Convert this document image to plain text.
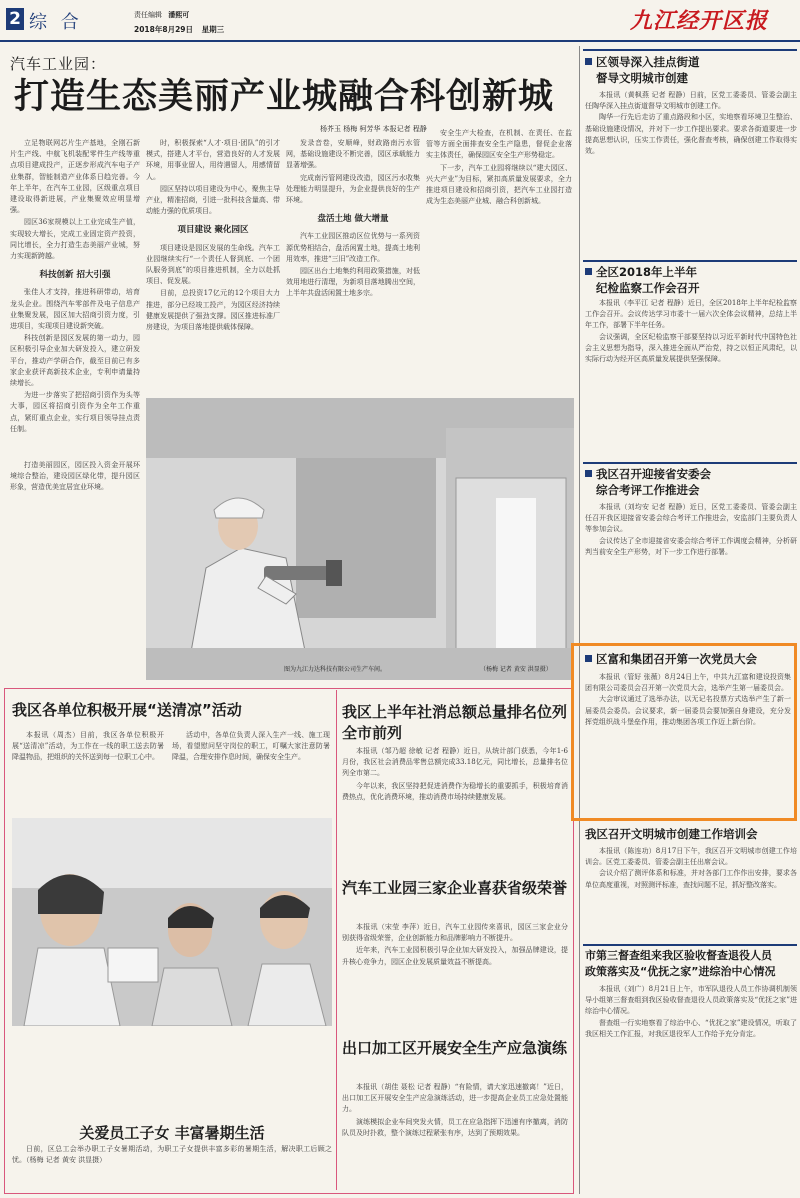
2 综 合	责任编辑 潘熙可
2018年8月29日 星期三	九江经开区报
汽车工业园：
打造生态美丽产业城融合科创新城
杨芥玉 杨梅 柯芳华 本报记者 程静

立足物联网芯片生产基地，全刚石新片生产线、中航飞机装配零件生产线等重点项目建成投产，正逐步形成汽车电子产业集群，智能制造产业体系日趋完善。今年上半年，在汽车工业园，区级重点项目建设取得新进展，产业集聚效应明显增强。

园区36家规模以上工业完成生产值，实现较大增长，完成工业固定资产投资，同比增长，全力打造生态美丽产业城，努力实现新跨越。

科技创新 招大引强

张佳人才支持，推进科研带动，培育龙头企业。围绕汽车零部件及电子信息产业集聚发展，园区加大招商引资力度，引进项目，实现项目建设新突破。

科技创新是园区发展的第一动力，园区积极引导企业加大研发投入，建立研发平台，推动产学研合作，截至目前已有多家企业获评高新技术企业，专利申请量持续增长。

为进一步落实了把招商引资作为头等大事，园区将招商引资作为全年工作重点，紧盯重点企业，实行项目领导挂点责任制。

打造美丽园区，园区投入资金开展环境综合整治，建设园区绿化带，提升园区形象，营造优美宜居宜业环境。

时，积极探索“人才·项目·团队”的引才模式，搭建人才平台，营造良好的人才发展环境，用事业留人，用待遇留人，用感情留人。

园区坚持以项目建设为中心，聚焦主导产业，精准招商，引进一批科技含量高、带动能力强的优质项目。

项目建设 聚化园区

项目建设是园区发展的生命线。汽车工业园继续实行“一个责任人督到底、一个团队服务到底”的项目推进机制，全力以赴抓项目、促发展。

目前，总投资17亿元的12个项目大力推进，部分已经竣工投产，为园区经济持续健康发展提供了强劲支撑。园区推进标准厂房建设，为项目落地提供载体保障。

发录音卷，安顺峰，财政路南污水管网，基础设施建设不断完善，园区承载能力显著增强。

完成南污管网建设改造，园区污水收集处理能力明显提升，为企业提供良好的生产环境。

盘活土地 做大增量

汽车工业园区推动区位优势与一系列资源优势相结合，盘活闲置土地，提高土地利用效率，推进“三旧”改造工作。

园区出台土地集约利用政策措施，对低效用地进行清理，为新项目落地腾出空间，上半年共盘活闲置土地多宗。

安全生产大检查，在机制、在责任、在监管等方面全面排查安全生产隐患，督促企业落实主体责任，确保园区安全生产形势稳定。

下一步，汽车工业园将继续以“建大园区、兴大产业”为目标，紧扣高质量发展要求，全力推进项目建设和招商引资，把汽车工业园打造成为生态美丽产业城、融合科创新城。

图为九江力达科技有限公司生产车间。	（杨梅 记者 黄安 洪显摄）
我区各单位积极开展“送清凉”活动

本报讯（周杰）目前，我区各单位积极开展“送清凉”活动，为工作在一线的职工送去防暑降温物品，把组织的关怀送到每一位职工心中。

活动中，各单位负责人深入生产一线、施工现场，看望慰问坚守岗位的职工，叮嘱大家注意防暑降温，合理安排作息时间，确保安全生产。

关爱员工子女 丰富暑期生活

日前，区总工会举办职工子女暑期活动，为职工子女提供丰富多彩的暑期生活，解决职工后顾之忧。（杨梅 记者 黄安 洪显摄）

我区上半年社消总额总量排名位列全市前列

本报讯（邹乃超 徐敏 记者 程静）近日，从统计部门获悉，今年1-6月份，我区社会消费品零售总额完成33.18亿元，同比增长，总量排名位列全市第二。

今年以来，我区坚持把促进消费作为稳增长的重要抓手，积极培育消费热点，优化消费环境，推动消费市场持续健康发展。

汽车工业园三家企业喜获省级荣誉

本报讯（宋莹 李萍）近日，汽车工业园传来喜讯，园区三家企业分别获得省级荣誉，企业创新能力和品牌影响力不断提升。

近年来，汽车工业园积极引导企业加大研发投入，加强品牌建设，提升核心竞争力，园区企业发展质量效益不断提高。

出口加工区开展安全生产应急演练

本报讯（胡佳 聂松 记者 程静）“有险情，请大家迅速撤离！”近日，出口加工区开展安全生产应急演练活动，进一步提高企业员工应急处置能力。

演练模拟企业车间突发火情，员工在应急指挥下迅速有序撤离，消防队员及时扑救，整个演练过程紧张有序，达到了预期效果。

区领导深入挂点街道
督导文明城市创建

本报讯（黄枫燕 记者 程静）日前，区党工委委员、管委会副主任陶华深入挂点街道督导文明城市创建工作。

陶华一行先后走访了重点路段和小区，实地察看环境卫生整治、基础设施建设情况，并对下一步工作提出要求。要求各街道要进一步提高思想认识，压实工作责任，强化督查考核，确保创建工作取得实效。

全区2018年上半年
纪检监察工作会召开

本报讯（李平江 记者 程静）近日，全区2018年上半年纪检监察工作会召开。会议传达学习市委十一届六次全体会议精神，总结上半年工作，部署下半年任务。

会议强调，全区纪检监察干部要坚持以习近平新时代中国特色社会主义思想为指导，深入推进全面从严治党，持之以恒正风肃纪，以实际行动为经开区高质量发展提供坚强保障。

我区召开迎接省安委会
综合考评工作推进会

本报讯（刘均安 记者 程静）近日，区党工委委员、管委会副主任召开我区迎接省安委会综合考评工作推进会，安监部门主要负责人等参加会议。

会议传达了全市迎接省安委会综合考评工作调度会精神，分析研判当前安全生产形势，对下一步工作进行部署。

区富和集团召开第一次党员大会

本报讯（管好 张薇）8月24日上午，中共九江富和建设投资集团有限公司委员会召开第一次党员大会，选举产生第一届委员会。

大会审议通过了选举办法，以无记名投票方式选举产生了新一届委员会委员。会议要求，新一届委员会要加强自身建设，充分发挥党组织战斗堡垒作用，推动集团各项工作迈上新台阶。

我区召开文明城市创建工作培训会

本报讯（陈连功）8月17日下午，我区召开文明城市创建工作培训会。区党工委委员、管委会副主任出席会议。

会议介绍了测评体系和标准，并对各部门工作作出安排，要求各单位高度重视，对照测评标准，查找问题不足，抓好整改落实。

市第三督查组来我区验收督查退役人员
政策落实及“优抚之家”进综治中心情况

本报讯（刘广）8月21日上午，市军队退役人员工作协调机制领导小组第三督查组到我区验收督查退役人员政策落实及“优抚之家”进综治中心情况。

督查组一行实地察看了综治中心、“优抚之家”建设情况，听取了我区相关工作汇报，对我区退役军人工作给予充分肯定。
